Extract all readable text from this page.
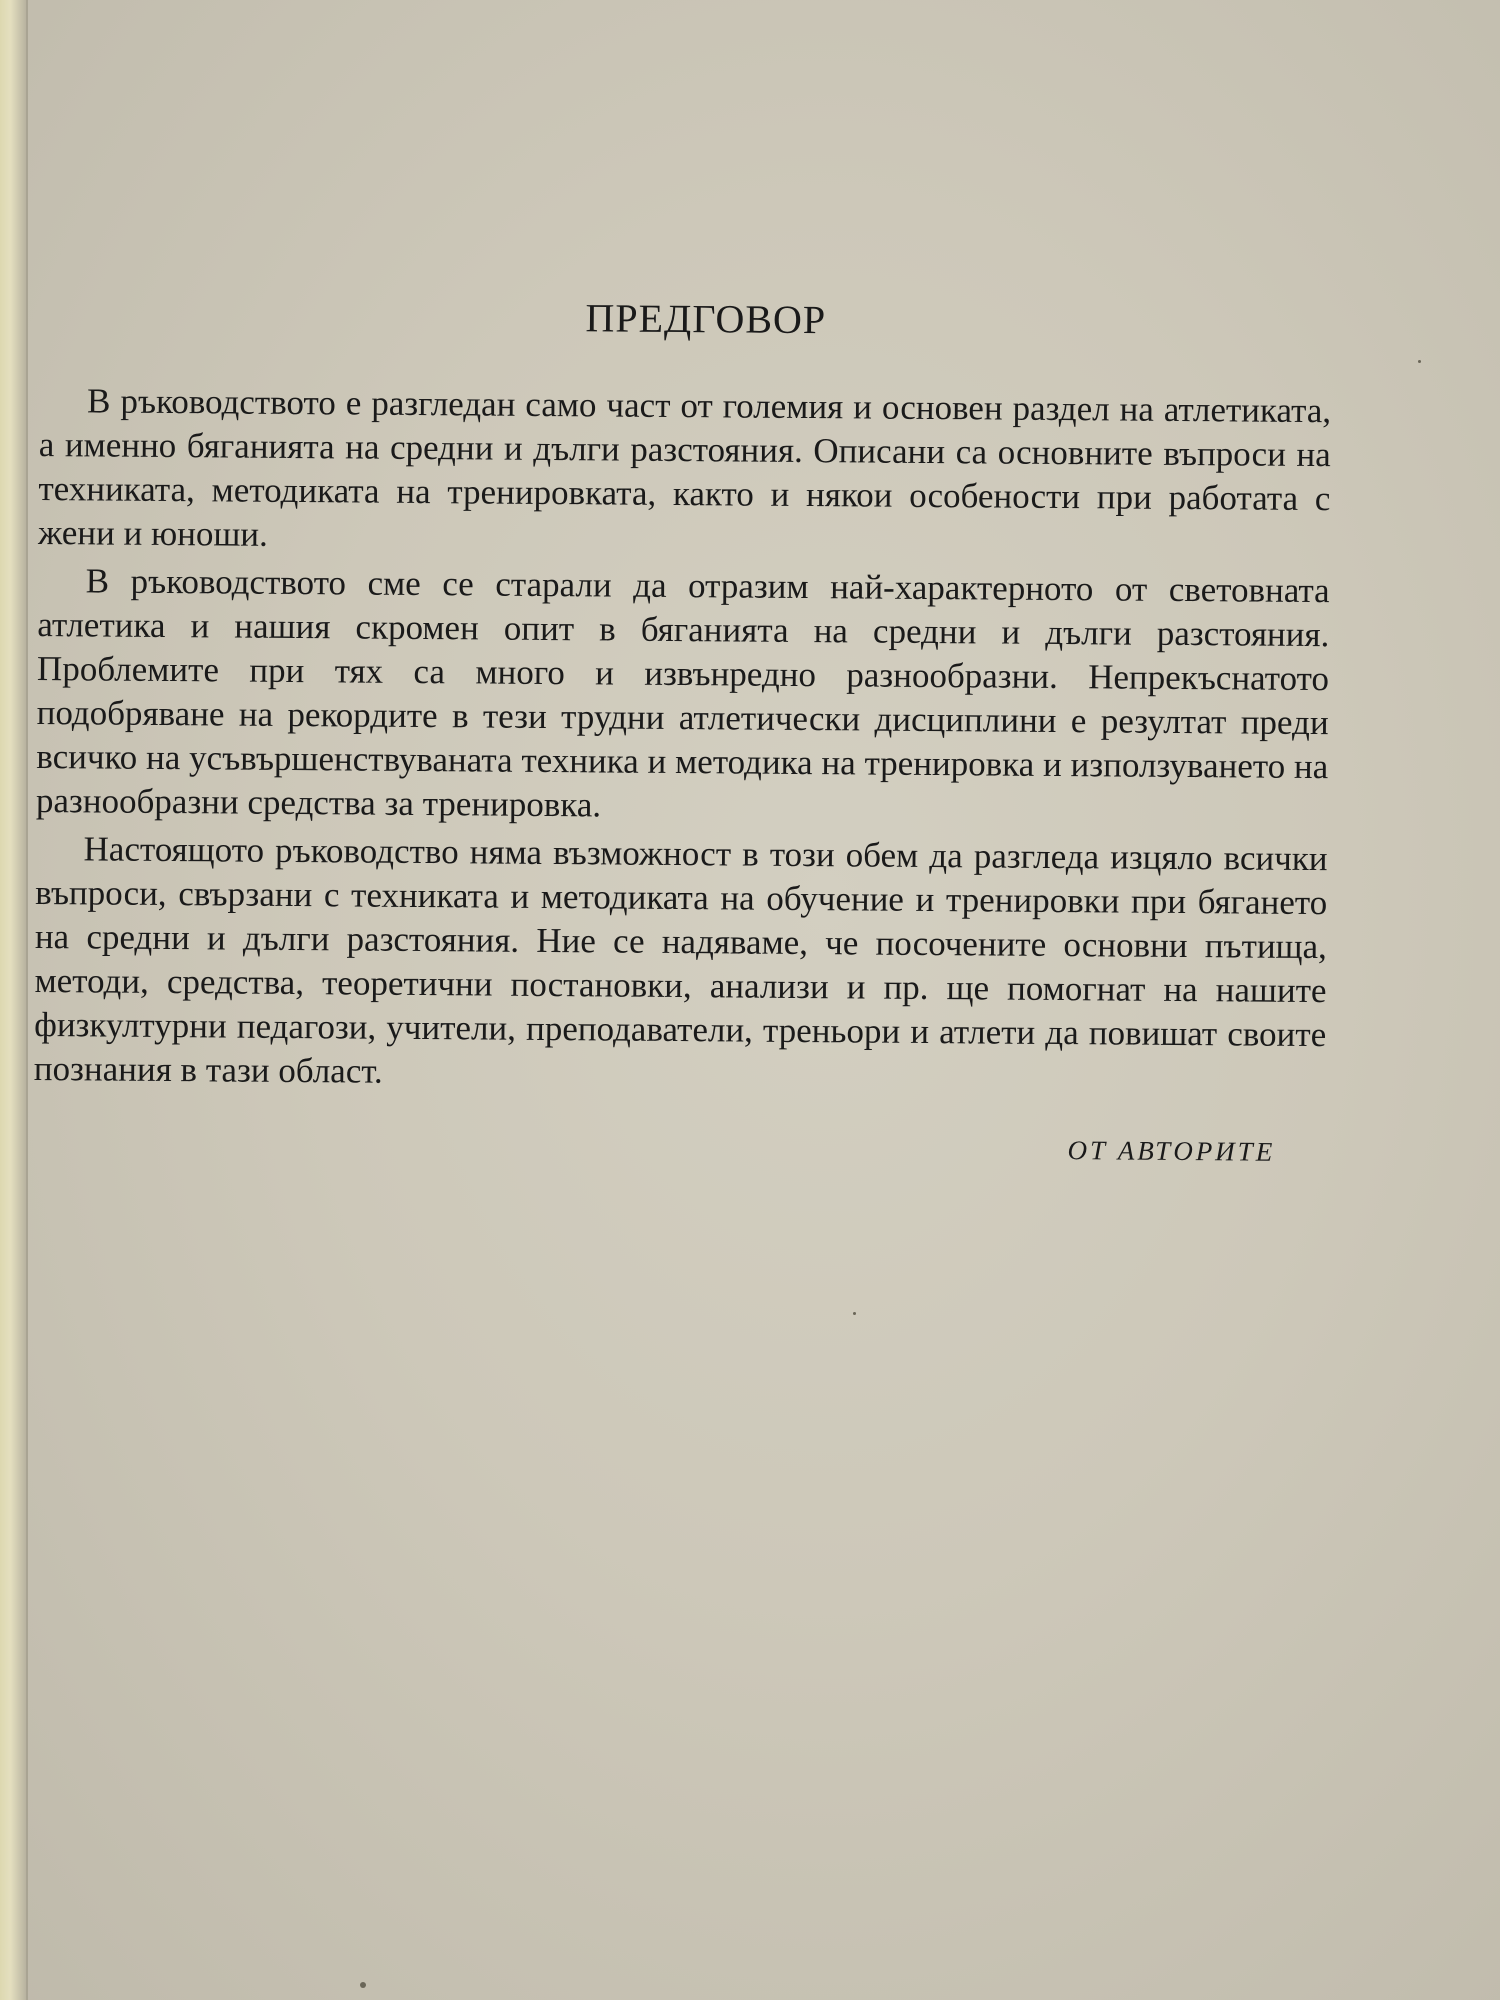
ПРЕДГОВОР

В ръководството е разгледан само част от големия и основен раздел на атлетиката, а именно бяганията на средни и дълги разстояния. Описани са основните въпроси на техниката, методиката на тренировката, както и някои особености при работата с жени и юноши.

В ръководството сме се старали да отразим най-характерното от световната атлетика и нашия скромен опит в бяганията на средни и дълги разстояния. Проблемите при тях са много и извънредно разнообразни. Непрекъснатото подобряване на рекордите в тези трудни атлетически дисциплини е резултат преди всичко на усъвършенствуваната техника и методика на тренировка и използуването на разнообразни средства за тренировка.

Настоящото ръководство няма възможност в този обем да разгледа изцяло всички въпроси, свързани с техниката и методиката на обучение и тренировки при бягането на средни и дълги разстояния. Ние се надяваме, че посочените основни пътища, методи, средства, теоретични постановки, анализи и пр. ще помогнат на нашите физкултурни педагози, учители, преподаватели, треньори и атлети да повишат своите познания в тази област.

ОТ АВТОРИТЕ
